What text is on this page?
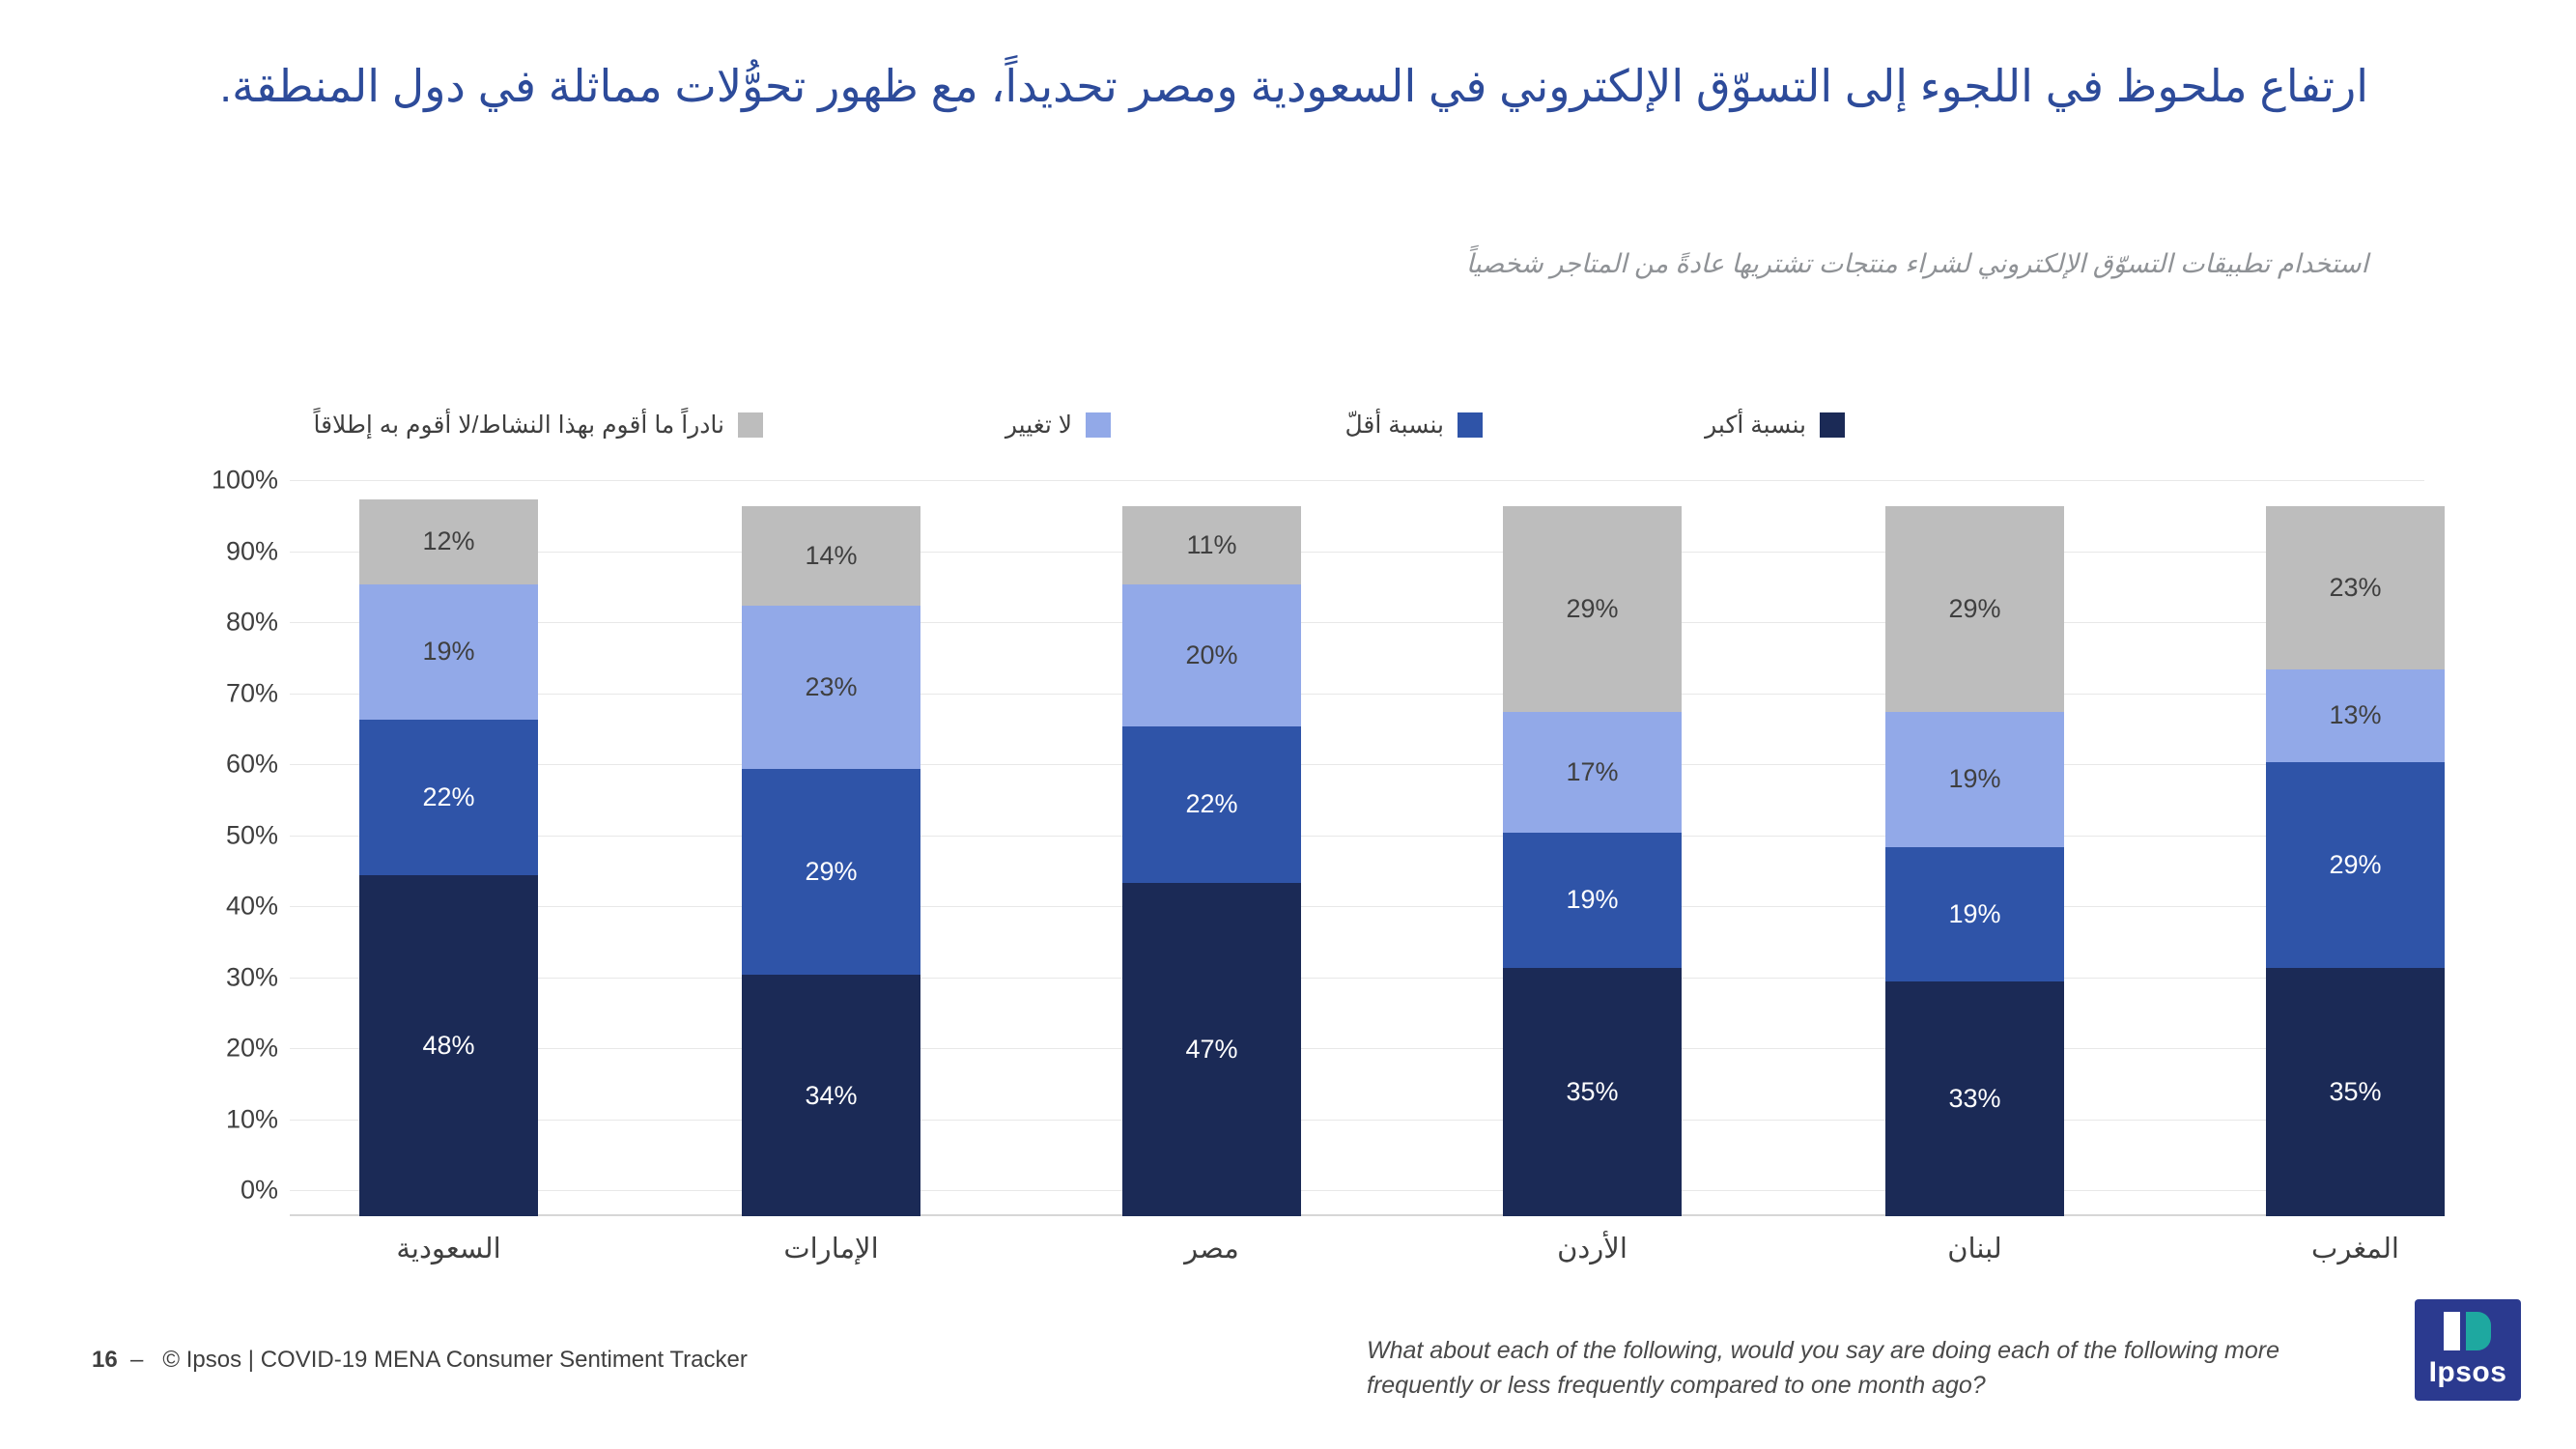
ارتفاع ملحوظ في اللجوء إلى التسوّق الإلكتروني في السعودية ومصر تحديداً، مع ظهور تحوُّلات مماثلة في دول المنطقة.
استخدام تطبيقات التسوّق الإلكتروني لشراء منتجات تشتريها عادةً من المتاجر شخصياً
بنسبة أكبر
بنسبة أقلّ
لا تغيير
نادراً ما أقوم بهذا النشاط/لا أقوم به إطلاقاً
100%
90%
80%
70%
60%
50%
40%
30%
20%
10%
0%
48%
22%
19%
12%
السعودية
34%
29%
23%
14%
الإمارات
47%
22%
20%
11%
مصر
35%
19%
17%
29%
الأردن
33%
19%
19%
29%
لبنان
35%
29%
13%
23%
المغرب
16  –   © Ipsos | COVID-19 MENA Consumer Sentiment Tracker	What about each of the following, would you say are doing each of the following more frequently or less frequently compared to one month ago?	Ipsos
